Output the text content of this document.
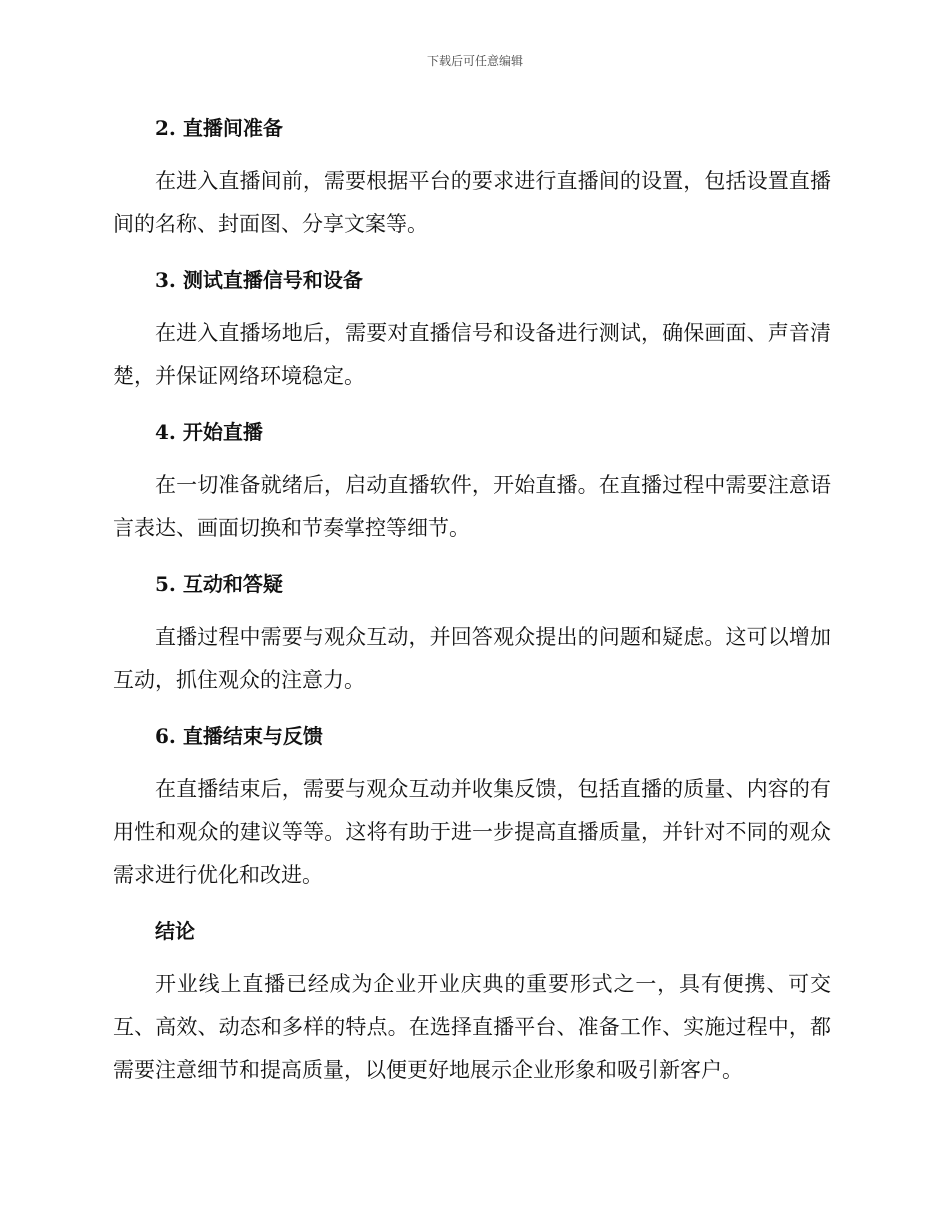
下载后可任意编辑
2. 直播间准备

在进入直播间前，需要根据平台的要求进行直播间的设置，包括设置直播间的名称、封面图、分享文案等。

3. 测试直播信号和设备

在进入直播场地后，需要对直播信号和设备进行测试，确保画面、声音清楚，并保证网络环境稳定。

4. 开始直播

在一切准备就绪后，启动直播软件，开始直播。在直播过程中需要注意语言表达、画面切换和节奏掌控等细节。

5. 互动和答疑

直播过程中需要与观众互动，并回答观众提出的问题和疑虑。这可以增加互动，抓住观众的注意力。

6. 直播结束与反馈

在直播结束后，需要与观众互动并收集反馈，包括直播的质量、内容的有用性和观众的建议等等。这将有助于进一步提高直播质量，并针对不同的观众需求进行优化和改进。

结论

开业线上直播已经成为企业开业庆典的重要形式之一，具有便携、可交互、高效、动态和多样的特点。在选择直播平台、准备工作、实施过程中，都需要注意细节和提高质量，以便更好地展示企业形象和吸引新客户。
